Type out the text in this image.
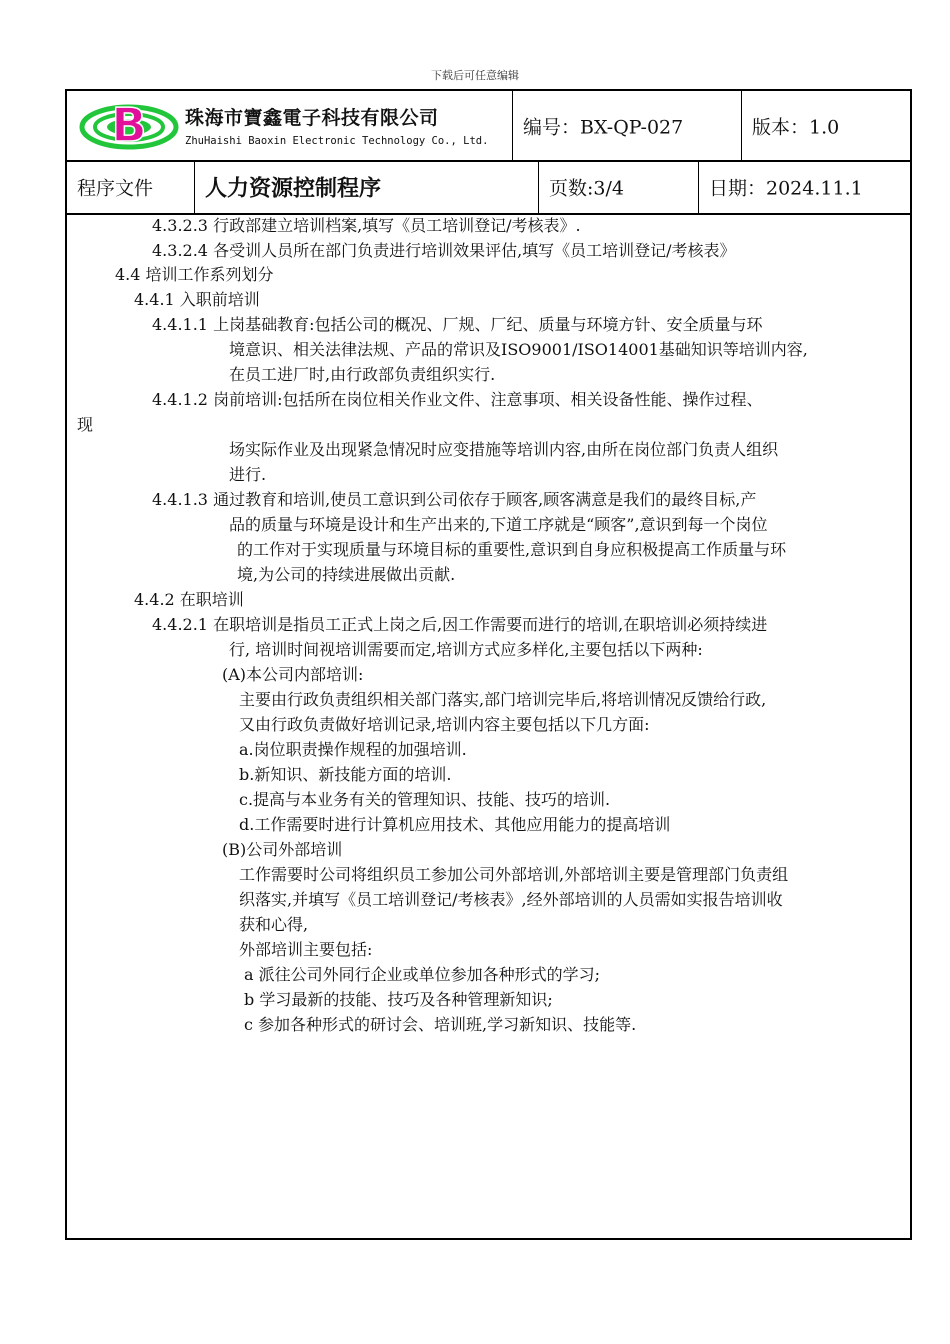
下载后可任意编辑
B 珠海市寶鑫電子科技有限公司
ZhuHaishi Baoxin Electronic Technology Co., Ltd.
编号：BX-QP-027	版本：1.0
程序文件 人力资源控制程序	页数:3/4	日期：2024.11.1
4.3.2.3 行政部建立培训档案,填写《员工培训登记/考核表》.
4.3.2.4 各受训人员所在部门负责进行培训效果评估,填写《员工培训登记/考核表》
4.4 培训工作系列划分
4.4.1 入职前培训
4.4.1.1 上岗基础教育:包括公司的概况、厂规、厂纪、质量与环境方针、安全质量与环
境意识、相关法律法规、产品的常识及ISO9001/ISO14001基础知识等培训内容,
在员工进厂时,由行政部负责组织实行.
4.4.1.2 岗前培训:包括所在岗位相关作业文件、注意事项、相关设备性能、操作过程、
现
场实际作业及出现紧急情况时应变措施等培训内容,由所在岗位部门负责人组织
进行.
4.4.1.3 通过教育和培训,使员工意识到公司依存于顾客,顾客满意是我们的最终目标,产
品的质量与环境是设计和生产出来的,下道工序就是“顾客”,意识到每一个岗位
的工作对于实现质量与环境目标的重要性,意识到自身应积极提高工作质量与环
境,为公司的持续进展做出贡献.
4.4.2 在职培训
4.4.2.1 在职培训是指员工正式上岗之后,因工作需要而进行的培训,在职培训必须持续进
行, 培训时间视培训需要而定,培训方式应多样化,主要包括以下两种:
(A)本公司内部培训:
主要由行政负责组织相关部门落实,部门培训完毕后,将培训情况反馈给行政,
又由行政负责做好培训记录,培训内容主要包括以下几方面:
a.岗位职责操作规程的加强培训.
b.新知识、新技能方面的培训.
c.提高与本业务有关的管理知识、技能、技巧的培训.
d.工作需要时进行计算机应用技术、其他应用能力的提高培训
(B)公司外部培训
工作需要时公司将组织员工参加公司外部培训,外部培训主要是管理部门负责组
织落实,并填写《员工培训登记/考核表》,经外部培训的人员需如实报告培训收
获和心得,
外部培训主要包括:
a 派往公司外同行企业或单位参加各种形式的学习;
b 学习最新的技能、技巧及各种管理新知识;
c 参加各种形式的研讨会、培训班,学习新知识、技能等.
